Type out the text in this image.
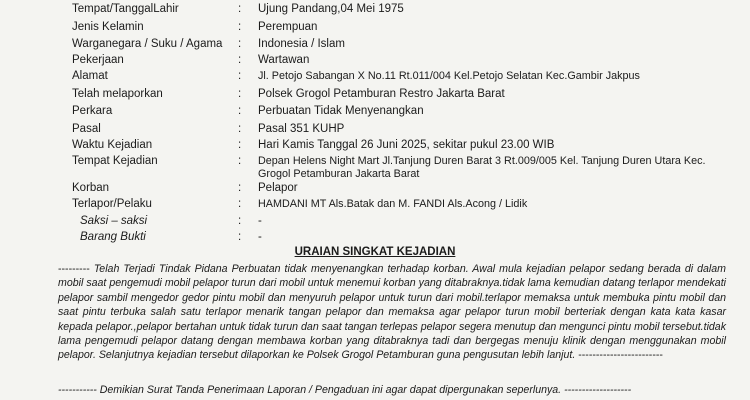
Tempat/TanggalLahir	: Ujung Pandang,04 Mei 1975
Jenis Kelamin	: Perempuan
Warganegara / Suku / Agama : Indonesia / Islam
Pekerjaan	: Wartawan
Alamat	: Jl. Petojo Sabangan X No.11 Rt.011/004 Kel.Petojo Selatan Kec.Gambir Jakpus
Telah melaporkan	: Polsek Grogol Petamburan Restro Jakarta Barat
Perkara	: Perbuatan Tidak Menyenangkan
Pasal	: Pasal 351 KUHP
Waktu Kejadian	: Hari Kamis Tanggal 26 Juni 2025, sekitar pukul 23.00 WIB
Tempat Kejadian	: Depan Helens Night Mart Jl.Tanjung Duren Barat 3 Rt.009/005 Kel. Tanjung Duren Utara Kec. Grogol Petamburan Jakarta Barat
Korban	: Pelapor
Terlapor/Pelaku	: HAMDANI MT Als.Batak dan M. FANDI Als.Acong / Lidik
Saksi – saksi	: -
Barang Bukti	: -
URAIAN SINGKAT KEJADIAN

--------- Telah Terjadi Tindak Pidana Perbuatan tidak menyenangkan terhadap korban. Awal mula kejadian pelapor sedang berada di dalam mobil saat pengemudi mobil pelapor turun dari mobil untuk menemui korban yang ditabraknya.tidak lama kemudian datang terlapor mendekati pelapor sambil mengedor gedor pintu mobil dan menyuruh pelapor untuk turun dari mobil.terlapor memaksa untuk membuka pintu mobil dan saat pintu terbuka salah satu terlapor menarik tangan pelapor dan memaksa agar pelapor turun mobil berteriak dengan kata kata kasar kepada pelapor.,pelapor bertahan untuk tidak turun dan saat tangan terlepas pelapor segera menutup dan mengunci pintu mobil tersebut.tidak lama pengemudi pelapor datang dengan membawa korban yang ditabraknya tadi dan bergegas menuju klinik dengan menggunakan mobil pelapor. Selanjutnya kejadian tersebut dilaporkan ke Polsek Grogol Petamburan guna pengusutan lebih lanjut. ------------------------

----------- Demikian Surat Tanda Penerimaan Laporan / Pengaduan ini agar dapat dipergunakan seperlunya. -------------------
